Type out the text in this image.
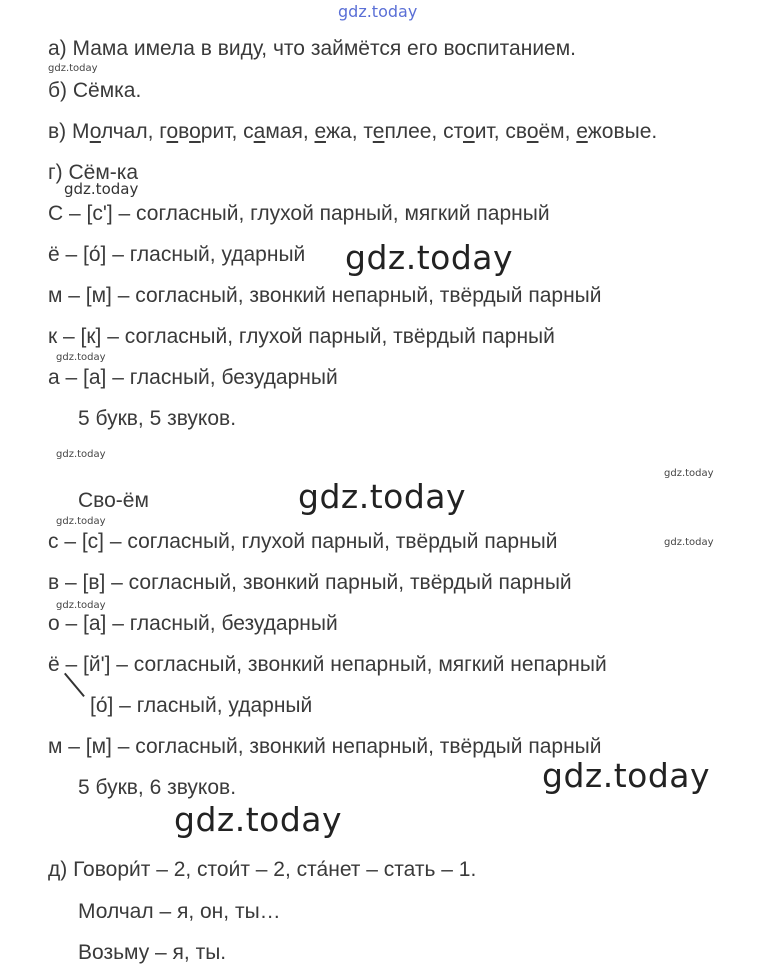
gdz.today
а) Мама имела в виду, что займётся его воспитанием.
gdz.today
б) Сёмка.
в) Молчал, говорит, самая, ежа, теплее, стоит, своём, ежовые.
г) Сём-ка
gdz.today
С – [с'] – согласный, глухой парный, мягкий парный
ё – [о́] – гласный, ударный gdz.today
м – [м] – согласный, звонкий непарный, твёрдый парный
к – [к] – согласный, глухой парный, твёрдый парный
gdz.today
а – [а] – гласный, безударный
5 букв, 5 звуков.
gdz.today
gdz.today
Сво-ём	gdz.today
gdz.today
gdz.today
с – [с] – согласный, глухой парный, твёрдый парный
в – [в] – согласный, звонкий парный, твёрдый парный
gdz.today
о – [а] – гласный, безударный
ё – [й'] – согласный, звонкий непарный, мягкий непарный
[о́] – гласный, ударный
м – [м] – согласный, звонкий непарный, твёрдый парный
gdz.today
5 букв, 6 звуков.
gdz.today
д) Говори́т – 2, стои́т – 2, ста́нет – стать – 1.
Молчал – я, он, ты…
Возьму – я, ты.
